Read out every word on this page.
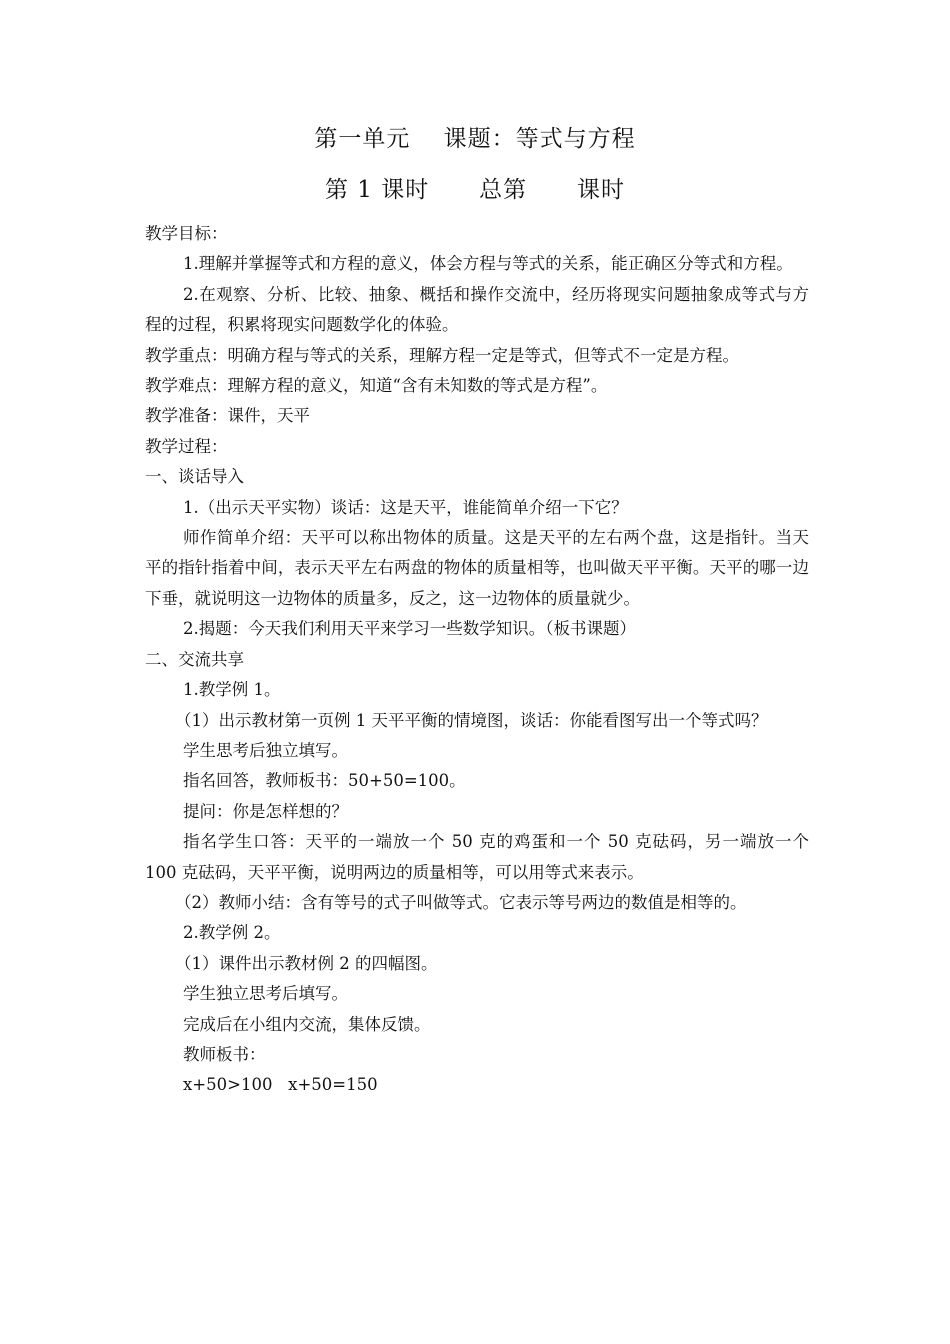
第一单元    课题：等式与方程
第 1 课时      总第      课时

教学目标：

1.理解并掌握等式和方程的意义，体会方程与等式的关系，能正确区分等式和方程。

2.在观察、分析、比较、抽象、概括和操作交流中，经历将现实问题抽象成等式与方程的过程，积累将现实问题数学化的体验。

教学重点：明确方程与等式的关系，理解方程一定是等式，但等式不一定是方程。

教学难点：理解方程的意义，知道“含有未知数的等式是方程”。

教学准备：课件，天平

教学过程：

一、谈话导入

1.（出示天平实物）谈话：这是天平，谁能简单介绍一下它？

师作简单介绍：天平可以称出物体的质量。这是天平的左右两个盘，这是指针。当天平的指针指着中间，表示天平左右两盘的物体的质量相等，也叫做天平平衡。天平的哪一边下垂，就说明这一边物体的质量多，反之，这一边物体的质量就少。

2.揭题：今天我们利用天平来学习一些数学知识。（板书课题）

二、交流共享

1.教学例 1。

（1）出示教材第一页例 1 天平平衡的情境图，谈话：你能看图写出一个等式吗？

学生思考后独立填写。

指名回答，教师板书：50+50=100。

提问：你是怎样想的？

指名学生口答：天平的一端放一个 50 克的鸡蛋和一个 50 克砝码，另一端放一个 100 克砝码，天平平衡，说明两边的质量相等，可以用等式来表示。

（2）教师小结：含有等号的式子叫做等式。它表示等号两边的数值是相等的。

2.教学例 2。

（1）课件出示教材例 2 的四幅图。

学生独立思考后填写。

完成后在小组内交流，集体反馈。

教师板书：

x+50>100   x+50=150
